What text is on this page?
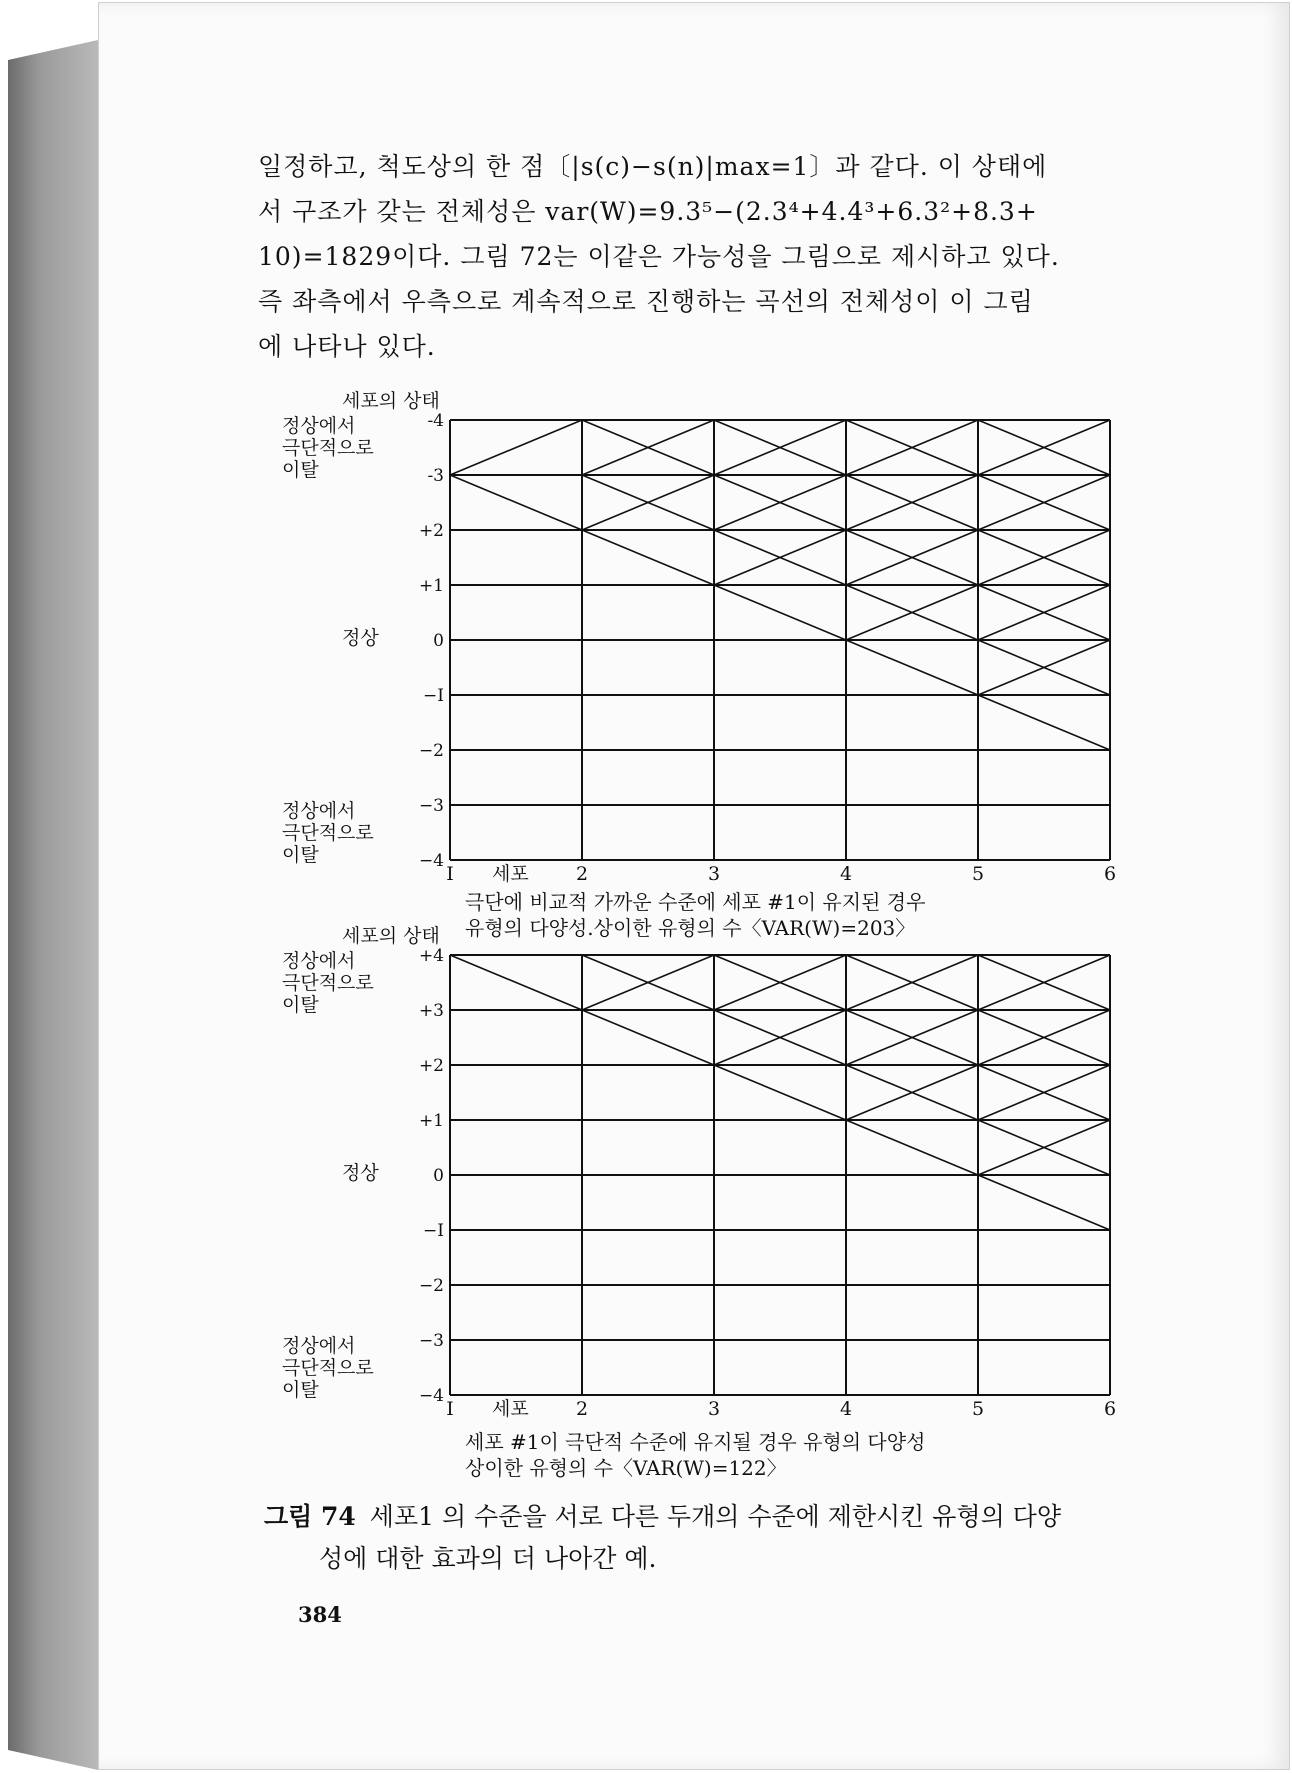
일정하고, 척도상의 한 점〔|s(c)−s(n)|max=1〕과 같다. 이 상태에

서 구조가 갖는 전체성은 var(W)=9.3⁵−(2.3⁴+4.4³+6.3²+8.3+

10)=1829이다. 그림 72는 이같은 가능성을 그림으로 제시하고 있다.

즉 좌측에서 우측으로 계속적으로 진행하는 곡선의 전체성이 이 그림

에 나타나 있다.

세포의 상태
정상에서
극단적으로
이탈
정상
정상에서
극단적으로
이탈
-4
-3
+2
+1
0
−I
−2
−3
−4
I	2	3	4	5	6
세포
극단에 비교적 가까운 수준에 세포 #1이 유지된 경우
유형의 다양성.상이한 유형의 수〈VAR(W)=203〉
세포의 상태
정상에서
극단적으로
이탈
정상
정상에서
극단적으로
이탈
+4
+3
+2
+1
0
−I
−2
−3
−4
I	2	3	4	5	6
세포
세포 #1이 극단적 수준에 유지될 경우 유형의 다양성
상이한 유형의 수〈VAR(W)=122〉
그림 74 세포1 의 수준을 서로 다른 두개의 수준에 제한시킨 유형의 다양
성에 대한 효과의 더 나아간 예.
384
